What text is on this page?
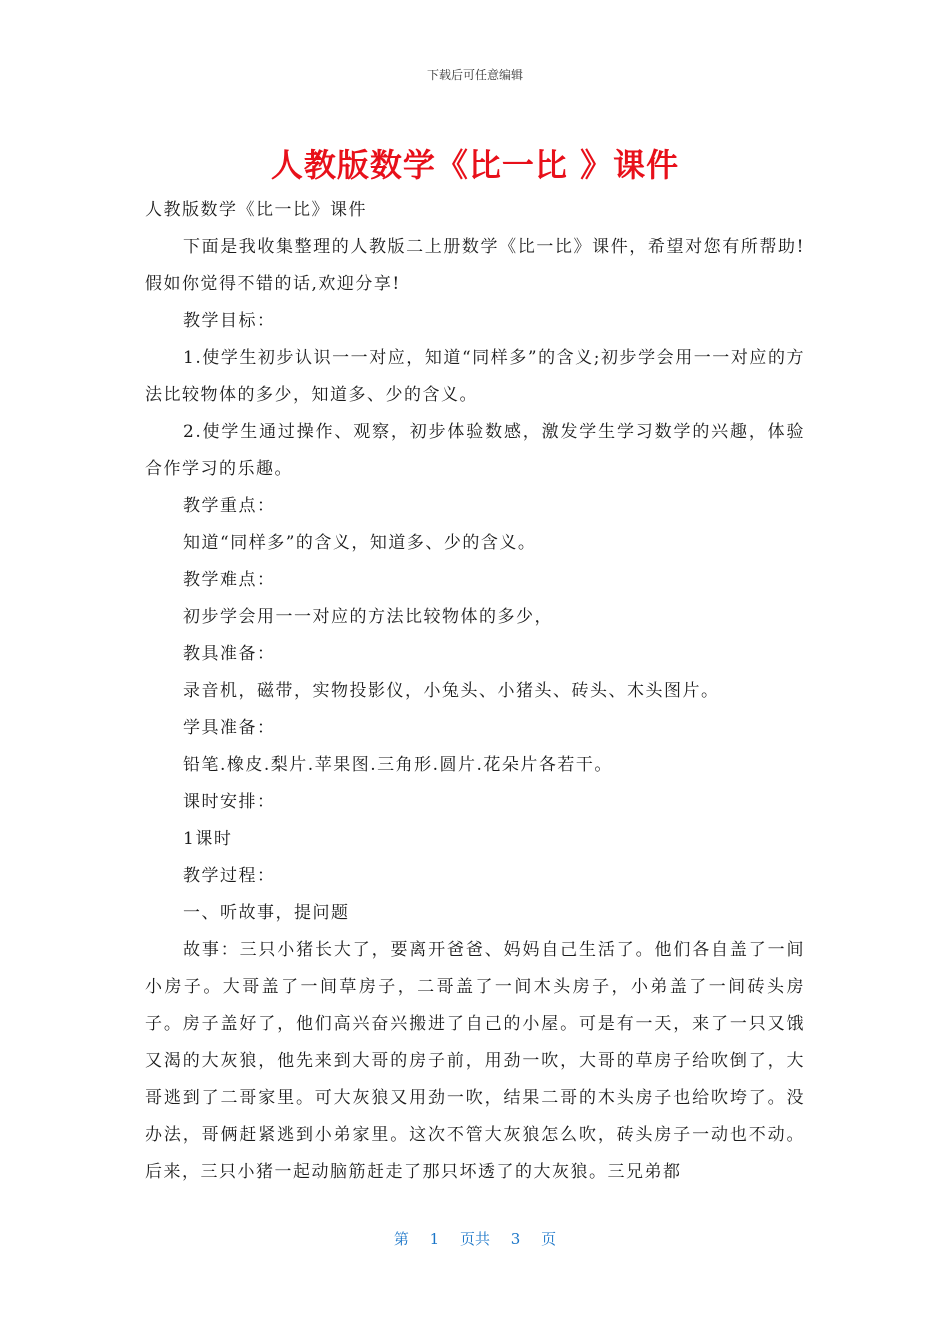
下载后可任意编辑
人教版数学《比一比 》课件

人教版数学《比一比》课件

下面是我收集整理的人教版二上册数学《比一比》课件，希望对您有所帮助!假如你觉得不错的话,欢迎分享!

教学目标：

1.使学生初步认识一一对应，知道“同样多”的含义;初步学会用一一对应的方法比较物体的多少，知道多、少的含义。

2.使学生通过操作、观察，初步体验数感，激发学生学习数学的兴趣，体验合作学习的乐趣。

教学重点：

知道“同样多”的含义，知道多、少的含义。

教学难点：

初步学会用一一对应的方法比较物体的多少，

教具准备：

录音机，磁带，实物投影仪，小兔头、小猪头、砖头、木头图片。

学具准备：

铅笔.橡皮.梨片.苹果图.三角形.圆片.花朵片各若干。

课时安排：

1课时

教学过程：

一、听故事，提问题

故事：三只小猪长大了，要离开爸爸、妈妈自己生活了。他们各自盖了一间小房子。大哥盖了一间草房子，二哥盖了一间木头房子，小弟盖了一间砖头房子。房子盖好了，他们高兴奋兴搬进了自己的小屋。可是有一天，来了一只又饿又渴的大灰狼，他先来到大哥的房子前，用劲一吹，大哥的草房子给吹倒了，大哥逃到了二哥家里。可大灰狼又用劲一吹，结果二哥的木头房子也给吹垮了。没办法，哥俩赶紧逃到小弟家里。这次不管大灰狼怎么吹，砖头房子一动也不动。后来，三只小猪一起动脑筋赶走了那只坏透了的大灰狼。三兄弟都

第 1 页共 3 页
